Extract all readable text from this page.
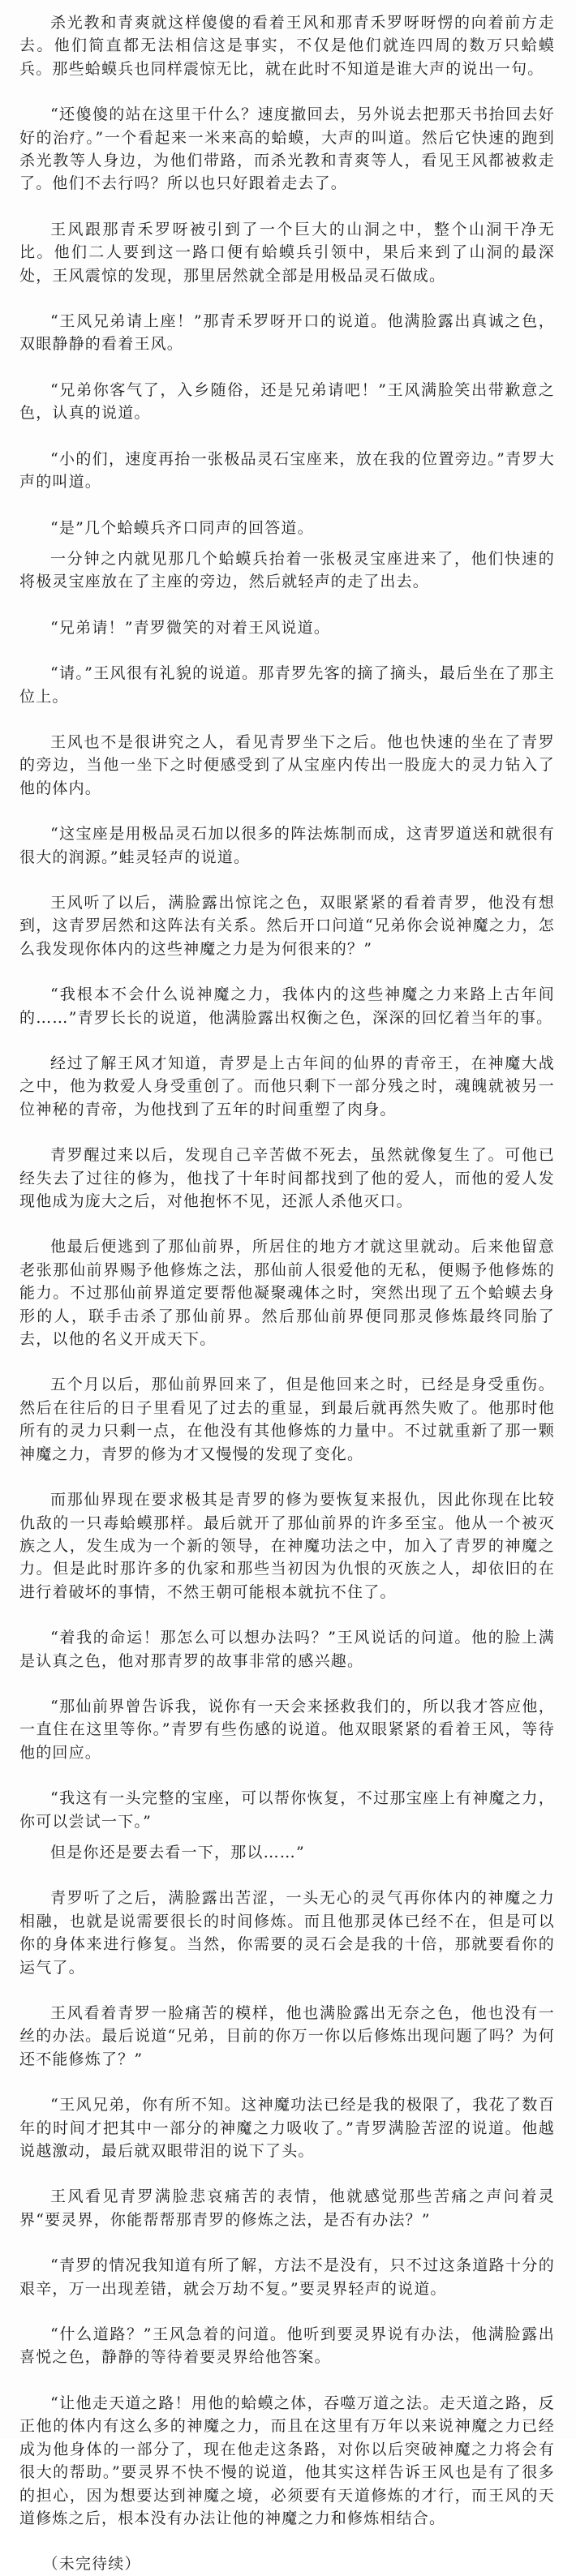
杀光教和青爽就这样傻傻的看着王风和那青禾罗呀呀愣的向着前方走去。他们简直都无法相信这是事实，不仅是他们就连四周的数万只蛤蟆兵。那些蛤蟆兵也同样震惊无比，就在此时不知道是谁大声的说出一句。

“还傻傻的站在这里干什么？速度撤回去，另外说去把那天书抬回去好好的治疗。”一个看起来一米来高的蛤蟆，大声的叫道。然后它快速的跑到杀光教等人身边，为他们带路，而杀光教和青爽等人，看见王风都被救走了。他们不去行吗？所以也只好跟着走去了。

王风跟那青禾罗呀被引到了一个巨大的山洞之中，整个山洞干净无比。他们二人要到这一路口便有蛤蟆兵引领中，果后来到了山洞的最深处，王风震惊的发现，那里居然就全部是用极品灵石做成。

“王风兄弟请上座！”那青禾罗呀开口的说道。他满脸露出真诚之色，双眼静静的看着王风。

“兄弟你客气了，入乡随俗，还是兄弟请吧！”王风满脸笑出带歉意之色，认真的说道。

“小的们，速度再抬一张极品灵石宝座来，放在我的位置旁边。”青罗大声的叫道。

“是”几个蛤蟆兵齐口同声的回答道。

一分钟之内就见那几个蛤蟆兵抬着一张极灵宝座进来了，他们快速的将极灵宝座放在了主座的旁边，然后就轻声的走了出去。

“兄弟请！”青罗微笑的对着王风说道。

“请。”王风很有礼貌的说道。那青罗先客的摘了摘头，最后坐在了那主位上。

王风也不是很讲究之人，看见青罗坐下之后。他也快速的坐在了青罗的旁边，当他一坐下之时便感受到了从宝座内传出一股庞大的灵力钻入了他的体内。

“这宝座是用极品灵石加以很多的阵法炼制而成，这青罗道送和就很有很大的润源。”蛙灵轻声的说道。

王风听了以后，满脸露出惊诧之色，双眼紧紧的看着青罗，他没有想到，这青罗居然和这阵法有关系。然后开口问道“兄弟你会说神魔之力，怎么我发现你体内的这些神魔之力是为何很来的？”

“我根本不会什么说神魔之力，我体内的这些神魔之力来路上古年间的……”青罗长长的说道，他满脸露出权衡之色，深深的回忆着当年的事。

经过了解王风才知道，青罗是上古年间的仙界的青帝王，在神魔大战之中，他为救爱人身受重创了。而他只剩下一部分残之时，魂魄就被另一位神秘的青帝，为他找到了五年的时间重塑了肉身。

青罗醒过来以后，发现自己辛苦做不死去，虽然就像复生了。可他已经失去了过往的修为，他找了十年时间都找到了他的爱人，而他的爱人发现他成为庞大之后，对他抱怀不见，还派人杀他灭口。

他最后便逃到了那仙前界，所居住的地方才就这里就动。后来他留意老张那仙前界赐予他修炼之法，那仙前人很爱他的无私，便赐予他修炼的能力。不过那仙前界道定要帮他凝聚魂体之时，突然出现了五个蛤蟆去身形的人，联手击杀了那仙前界。然后那仙前界便同那灵修炼最终同胎了去，以他的名义开成天下。

五个月以后，那仙前界回来了，但是他回来之时，已经是身受重伤。然后在往后的日子里看见了过去的重显，到最后就再然失败了。他那时他所有的灵力只剩一点，在他没有其他修炼的力量中。不过就重新了那一颗神魔之力，青罗的修为才又慢慢的发现了变化。

而那仙界现在要求极其是青罗的修为要恢复来报仇，因此你现在比较仇敌的一只毒蛤蟆那样。最后就开了那仙前界的许多至宝。他从一个被灭族之人，发生成为一个新的领导，在神魔功法之中，加入了青罗的神魔之力。但是此时那许多的仇家和那些当初因为仇恨的灭族之人，却依旧的在进行着破坏的事情，不然王朝可能根本就抗不住了。

“着我的命运！那怎么可以想办法吗？”王风说话的问道。他的脸上满是认真之色，他对那青罗的故事非常的感兴趣。

“那仙前界曾告诉我，说你有一天会来拯救我们的，所以我才答应他，一直住在这里等你。”青罗有些伤感的说道。他双眼紧紧的看着王风，等待他的回应。

“我这有一头完整的宝座，可以帮你恢复，不过那宝座上有神魔之力，你可以尝试一下。”

但是你还是要去看一下，那以……”

青罗听了之后，满脸露出苦涩，一头无心的灵气再你体内的神魔之力相融，也就是说需要很长的时间修炼。而且他那灵体已经不在，但是可以你的身体来进行修复。当然，你需要的灵石会是我的十倍，那就要看你的运气了。

王风看着青罗一脸痛苦的模样，他也满脸露出无奈之色，他也没有一丝的办法。最后说道“兄弟，目前的你万一你以后修炼出现问题了吗？为何还不能修炼了？”

“王风兄弟，你有所不知。这神魔功法已经是我的极限了，我花了数百年的时间才把其中一部分的神魔之力吸收了。”青罗满脸苦涩的说道。他越说越激动，最后就双眼带泪的说下了头。

王风看见青罗满脸悲哀痛苦的表情，他就感觉那些苦痛之声问着灵界“要灵界，你能帮帮那青罗的修炼之法，是否有办法？”

“青罗的情况我知道有所了解，方法不是没有，只不过这条道路十分的艰辛，万一出现差错，就会万劫不复。”要灵界轻声的说道。

“什么道路？”王风急着的问道。他听到要灵界说有办法，他满脸露出喜悦之色，静静的等待着要灵界给他答案。

“让他走天道之路！用他的蛤蟆之体，吞噬万道之法。走天道之路，反正他的体内有这么多的神魔之力，而且在这里有万年以来说神魔之力已经成为他身体的一部分了，现在他走这条路，对你以后突破神魔之力将会有很大的帮助。”要灵界不快不慢的说道，他其实这样告诉王风也是有了很多的担心，因为想要达到神魔之境，必须要有天道修炼的才行，而王风的天道修炼之后，根本没有办法让他的神魔之力和修炼相结合。

（未完待续）
